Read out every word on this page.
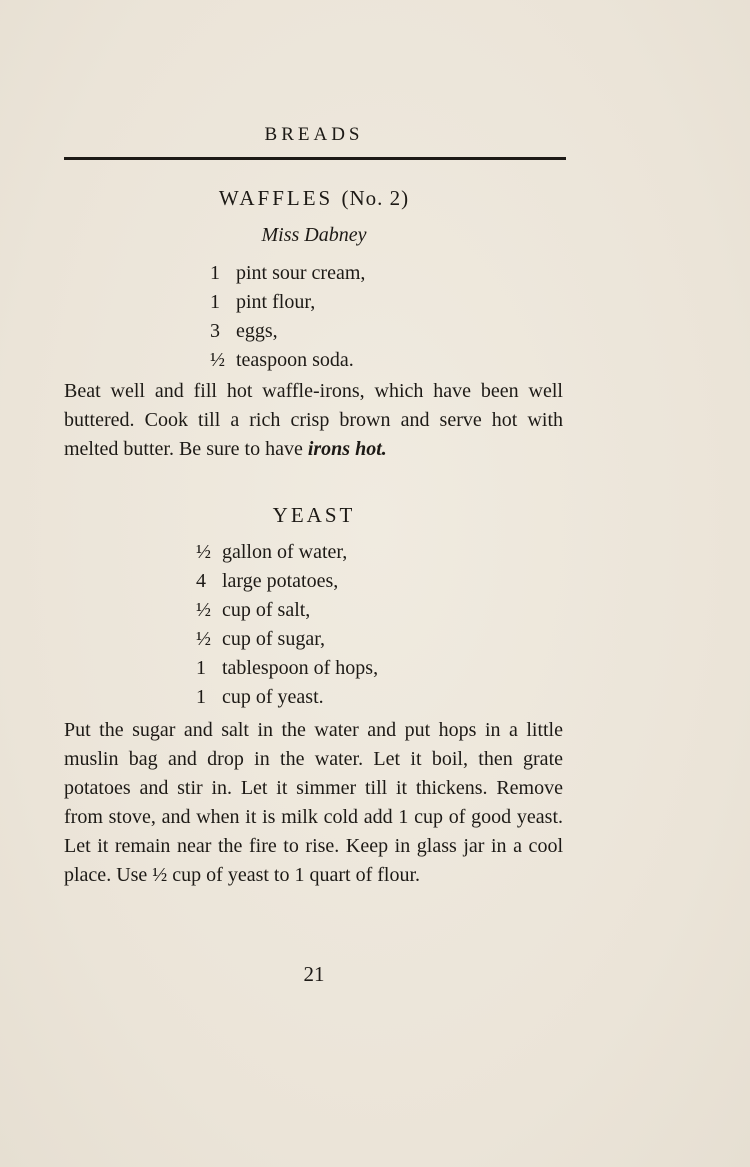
BREADS
WAFFLES (No. 2)
Miss Dabney
1 pint sour cream,
1 pint flour,
3 eggs,
½ teaspoon soda.

Beat well and fill hot waffle-irons, which have been well buttered. Cook till a rich crisp brown and serve hot with melted butter. Be sure to have irons hot.

YEAST
½ gallon of water,
4 large potatoes,
½ cup of salt,
½ cup of sugar,
1 tablespoon of hops,
1 cup of yeast.

Put the sugar and salt in the water and put hops in a little muslin bag and drop in the water. Let it boil, then grate potatoes and stir in. Let it simmer till it thickens. Remove from stove, and when it is milk cold add 1 cup of good yeast. Let it remain near the fire to rise. Keep in glass jar in a cool place. Use ½ cup of yeast to 1 quart of flour.

21
